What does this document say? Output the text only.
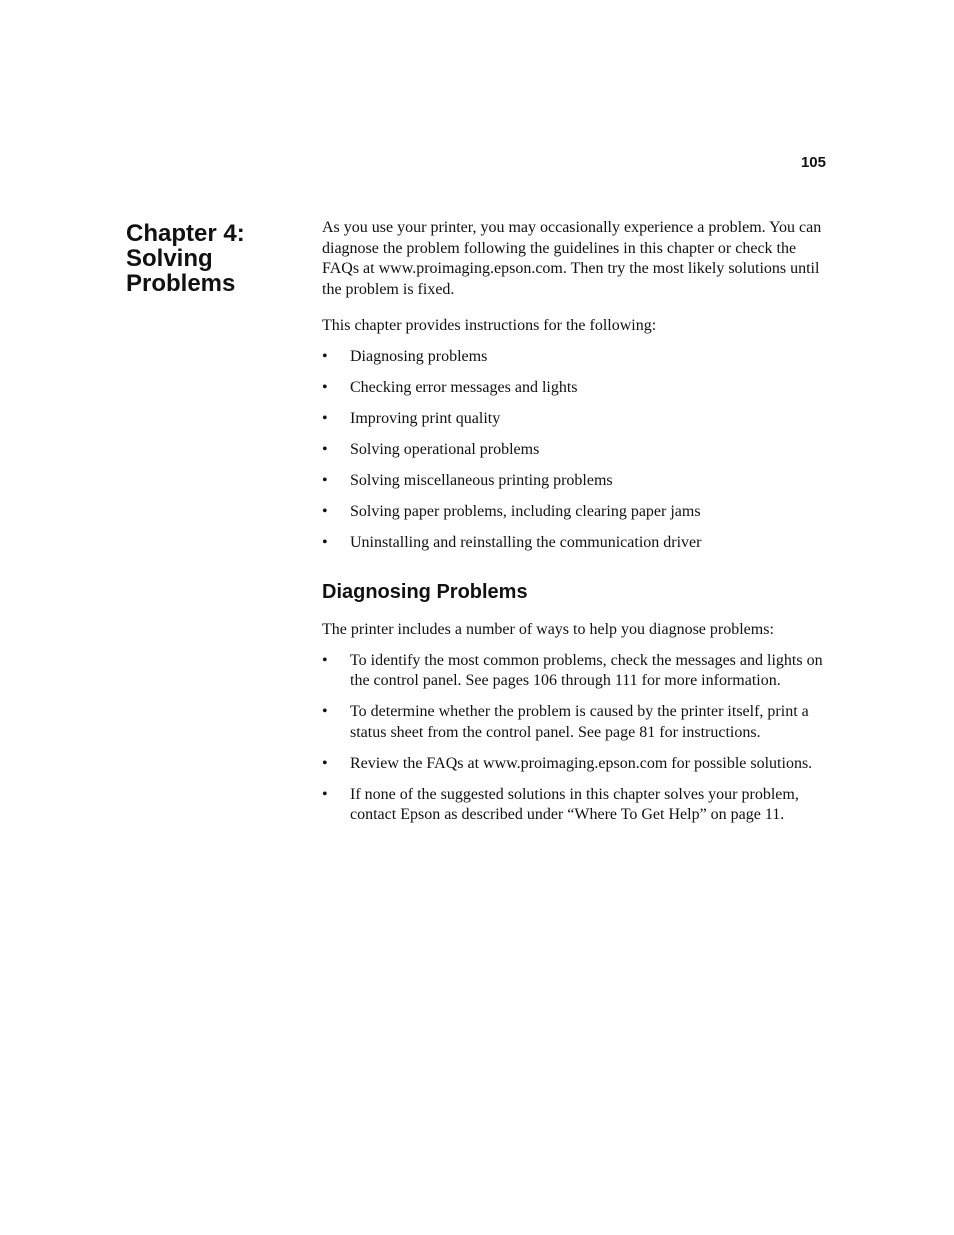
105
Chapter 4:
Solving
Problems

As you use your printer, you may occasionally experience a problem. You can diagnose the problem following the guidelines in this chapter or check the FAQs at www.proimaging.epson.com. Then try the most likely solutions until the problem is fixed.

This chapter provides instructions for the following:

• Diagnosing problems
• Checking error messages and lights
• Improving print quality
• Solving operational problems
• Solving miscellaneous printing problems
• Solving paper problems, including clearing paper jams
• Uninstalling and reinstalling the communication driver
Diagnosing Problems

The printer includes a number of ways to help you diagnose problems:

• To identify the most common problems, check the messages and lights on the control panel. See pages 106 through 111 for more information.
• To determine whether the problem is caused by the printer itself, print a status sheet from the control panel. See page 81 for instructions.
• Review the FAQs at www.proimaging.epson.com for possible solutions.
• If none of the suggested solutions in this chapter solves your problem, contact Epson as described under “Where To Get Help” on page 11.
